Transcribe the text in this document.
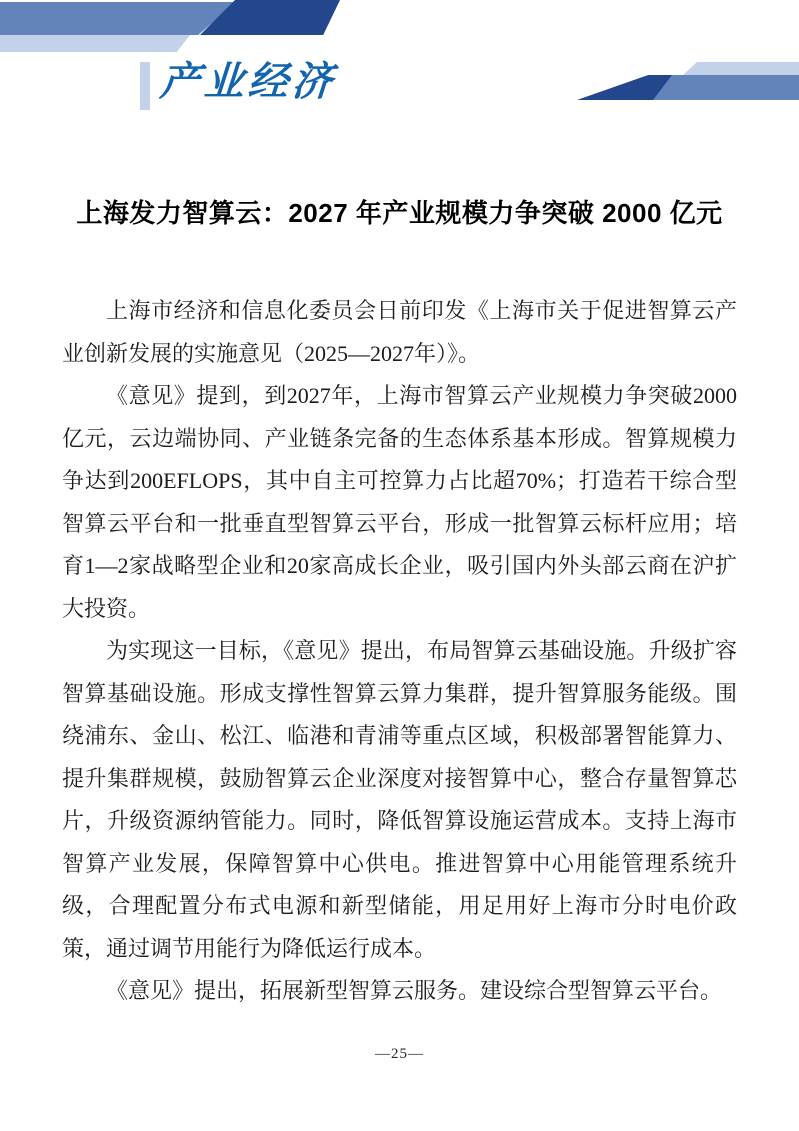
产业经济
上海发力智算云：2027 年产业规模力争突破 2000 亿元

上海市经济和信息化委员会日前印发《上海市关于促进智算云产业创新发展的实施意见（2025—2027年）》。

《意见》提到，到2027年，上海市智算云产业规模力争突破2000亿元，云边端协同、产业链条完备的生态体系基本形成。智算规模力争达到200EFLOPS，其中自主可控算力占比超70%；打造若干综合型智算云平台和一批垂直型智算云平台，形成一批智算云标杆应用；培育1—2家战略型企业和20家高成长企业，吸引国内外头部云商在沪扩大投资。

为实现这一目标，《意见》提出，布局智算云基础设施。升级扩容智算基础设施。形成支撑性智算云算力集群，提升智算服务能级。围绕浦东、金山、松江、临港和青浦等重点区域，积极部署智能算力、提升集群规模，鼓励智算云企业深度对接智算中心，整合存量智算芯片，升级资源纳管能力。同时，降低智算设施运营成本。支持上海市智算产业发展，保障智算中心供电。推进智算中心用能管理系统升级，合理配置分布式电源和新型储能，用足用好上海市分时电价政策，通过调节用能行为降低运行成本。

《意见》提出，拓展新型智算云服务。建设综合型智算云平台。

—25—
